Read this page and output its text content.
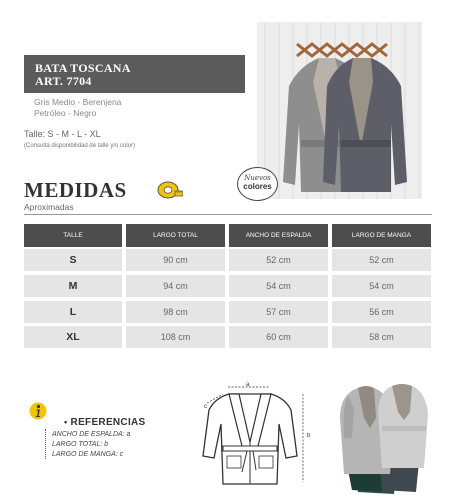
BATA TOSCANA
ART. 7704
Gris Medio - Berenjena
Petróleo - Negro
Talle: S - M - L - XL
(Consultá disponibilidad de talle y/o color)
Nuevos
colores
MEDIDAS
Aproximadas
TALLE	LARGO TOTAL	ANCHO DE ESPALDA	LARGO DE MANGA
S	90 cm	52 cm	52 cm
M	94 cm	54 cm	54 cm
L	98 cm	57 cm	56 cm
XL	108 cm	60 cm	58 cm
• REFERENCIAS
ANCHO DE ESPALDA: a
LARGO TOTAL: b
LARGO DE MANGA: c
a
c
b
